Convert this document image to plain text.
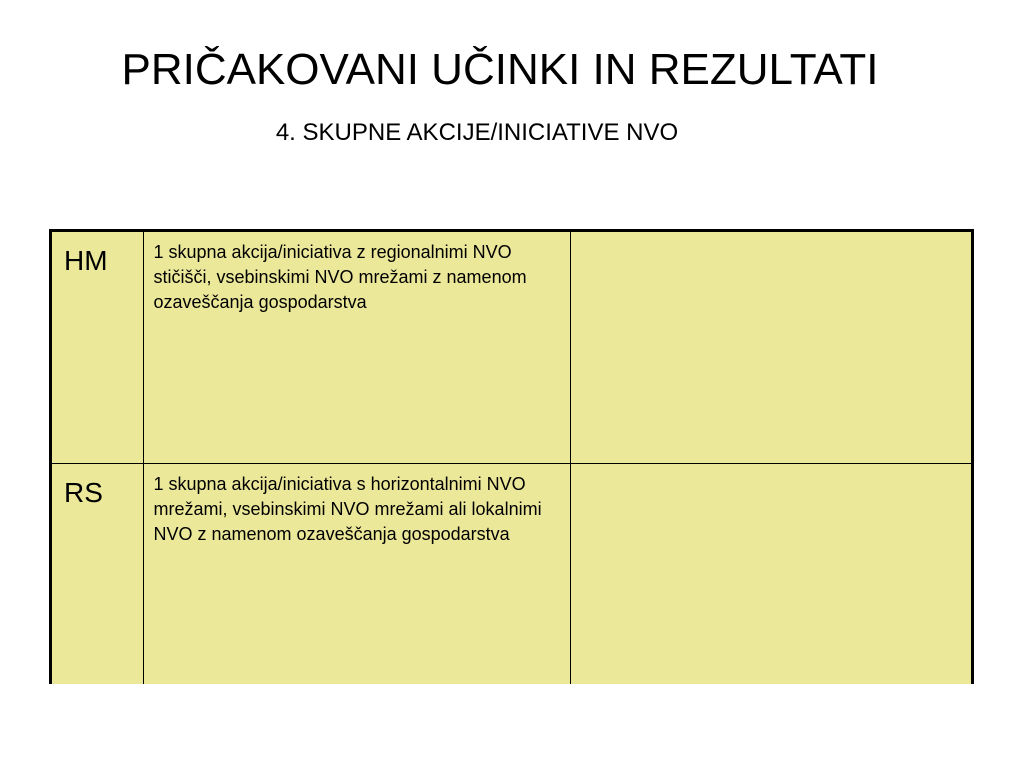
PRIČAKOVANI UČINKI IN REZULTATI
4. SKUPNE AKCIJE/INICIATIVE NVO
HM	1 skupna akcija/iniciativa z regionalnimi NVO stičišči, vsebinskimi NVO mrežami z namenom ozaveščanja gospodarstva	

RS	1 skupna akcija/iniciativa s horizontalnimi NVO mrežami, vsebinskimi NVO mrežami ali lokalnimi NVO z namenom ozaveščanja gospodarstva	
